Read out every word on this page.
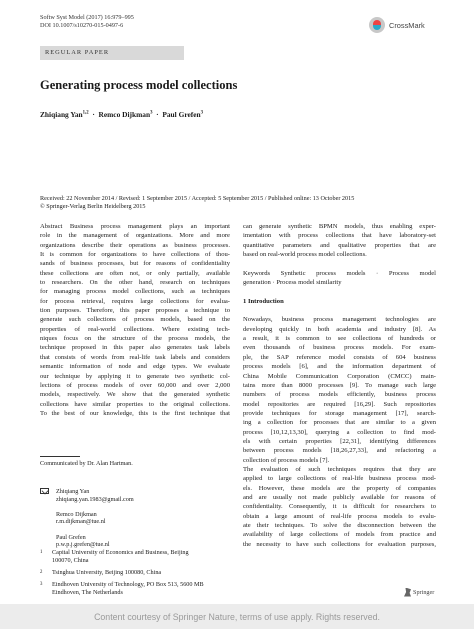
Softw Syst Model (2017) 16:979–995
DOI 10.1007/s10270-015-0497-6	CrossMark
REGULAR PAPER
Generating process model collections
Zhiqiang Yan$^{1,2}$ · Remco Dijkman$^3$ · Paul Grefen$^3$
Received: 22 November 2014 / Revised: 1 September 2015 / Accepted: 5 September 2015 / Published online: 13 October 2015
© Springer-Verlag Berlin Heidelberg 2015
Abstract Business process management plays an important
role in the management of organizations. More and more
organizations describe their operations as business processes.
It is common for organizations to have collections of thou-
sands of business processes, but for reasons of confidentiality
these collections are often not, or only partially, available
to researchers. On the other hand, research on techniques
for managing process model collections, such as techniques
for process retrieval, requires large collections for evalua-
tion purposes. Therefore, this paper proposes a technique to
generate such collections of process models, based on the
properties of real-world collections. Where existing tech-
niques focus on the structure of the process models, the
technique proposed in this paper also generates task labels
that consists of words from real-life task labels and considers
semantic information of node and edge types. We evaluate
our technique by applying it to generate two synthetic col-
lections of process models of over 60,000 and over 2,000
models, respectively. We show that the generated synthetic
collections have similar properties to the original collections.
To the best of our knowledge, this is the first technique that
can generate synthetic BPMN models, thus enabling exper-
imentation with process collections that have laboratory-set
quantitative parameters and qualitative properties that are
based on real-world process model collections.
Keywords Synthetic process models · Process model
generation · Process model similarity
1 Introduction
Nowadays, business process management technologies are
developing quickly in both academia and industry [8]. As
a result, it is common to see collections of hundreds or
even thousands of business process models. For exam-
ple, the SAP reference model consists of 604 business
process models [6], and the information department of
China Mobile Communication Corporation (CMCC) main-
tains more than 8000 processes [9]. To manage such large
numbers of process models efficiently, business process
model repositories are required [16,29]. Such repositories
provide techniques for storage management [17], search-
ing a collection for processes that are similar to a given
process [10,12,13,30], querying a collection to find mod-
els with certain properties [22,31], identifying differences
between process models [18,26,27,33], and refactoring a
collection of process models [7].
The evaluation of such techniques requires that they are
applied to large collections of real-life business process mod-
els. However, these models are the property of companies
and are usually not made publicly available for reasons of
confidentiality. Consequently, it is difficult for researchers to
obtain a large amount of real-life process models to evalu-
ate their techniques. To solve the disconnection between the
availability of large collections of models from practice and
the necessity to have such collections for evaluation purposes,
Communicated by Dr. Alan Hartman.
Zhiqiang Yan
zhiqiang.yan.1983@gmail.com
Remco Dijkman
r.m.dijkman@tue.nl
Paul Grefen
p.w.p.j.grefen@tue.nl
1 Capital University of Economics and Business, Beijing
100070, China
2 Tsinghua University, Beijing 100080, China
3 Eindhoven University of Technology, PO Box 513, 5600 MB
Eindhoven, The Netherlands	Springer
Content courtesy of Springer Nature, terms of use apply. Rights reserved.
